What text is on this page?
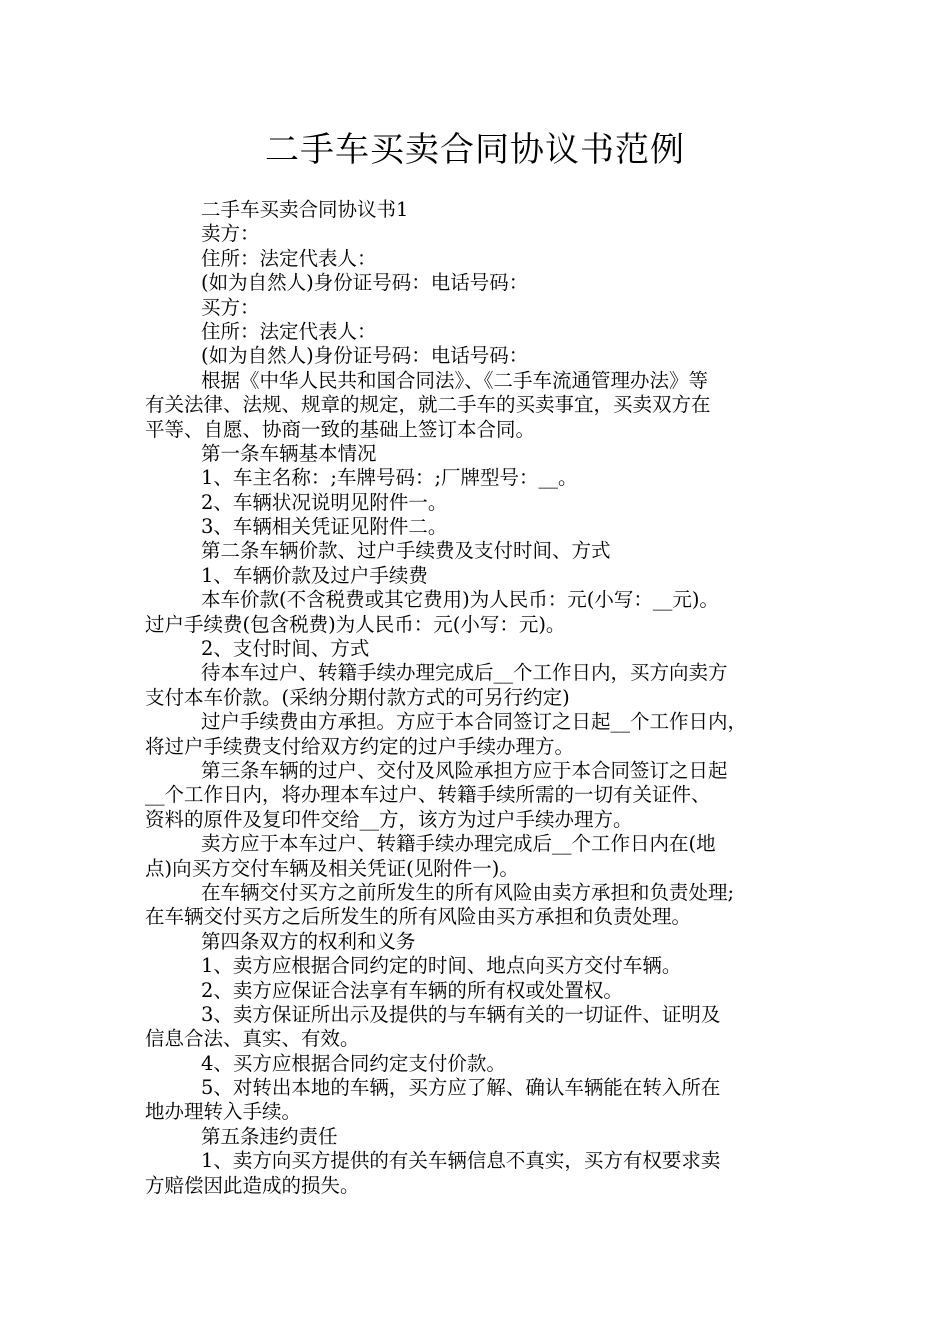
二手车买卖合同协议书范例

二手车买卖合同协议书1

卖方：

住所：法定代表人：

(如为自然人)身份证号码：电话号码：

买方：

住所：法定代表人：

(如为自然人)身份证号码：电话号码：

根据《中华人民共和国合同法》、《二手车流通管理办法》等

有关法律、法规、规章的规定，就二手车的买卖事宜，买卖双方在

平等、自愿、协商一致的基础上签订本合同。

第一条车辆基本情况

1、车主名称：;车牌号码：;厂牌型号：__。

2、车辆状况说明见附件一。

3、车辆相关凭证见附件二。

第二条车辆价款、过户手续费及支付时间、方式

1、车辆价款及过户手续费

本车价款(不含税费或其它费用)为人民币：元(小写：__元)。

过户手续费(包含税费)为人民币：元(小写：元)。

2、支付时间、方式

待本车过户、转籍手续办理完成后__个工作日内，买方向卖方

支付本车价款。(采纳分期付款方式的可另行约定)

过户手续费由方承担。方应于本合同签订之日起__个工作日内，

将过户手续费支付给双方约定的过户手续办理方。

第三条车辆的过户、交付及风险承担方应于本合同签订之日起

__个工作日内，将办理本车过户、转籍手续所需的一切有关证件、

资料的原件及复印件交给__方，该方为过户手续办理方。

卖方应于本车过户、转籍手续办理完成后__个工作日内在(地

点)向买方交付车辆及相关凭证(见附件一)。

在车辆交付买方之前所发生的所有风险由卖方承担和负责处理;

在车辆交付买方之后所发生的所有风险由买方承担和负责处理。

第四条双方的权利和义务

1、卖方应根据合同约定的时间、地点向买方交付车辆。

2、卖方应保证合法享有车辆的所有权或处置权。

3、卖方保证所出示及提供的与车辆有关的一切证件、证明及

信息合法、真实、有效。

4、买方应根据合同约定支付价款。

5、对转出本地的车辆，买方应了解、确认车辆能在转入所在

地办理转入手续。

第五条违约责任

1、卖方向买方提供的有关车辆信息不真实，买方有权要求卖

方赔偿因此造成的损失。
